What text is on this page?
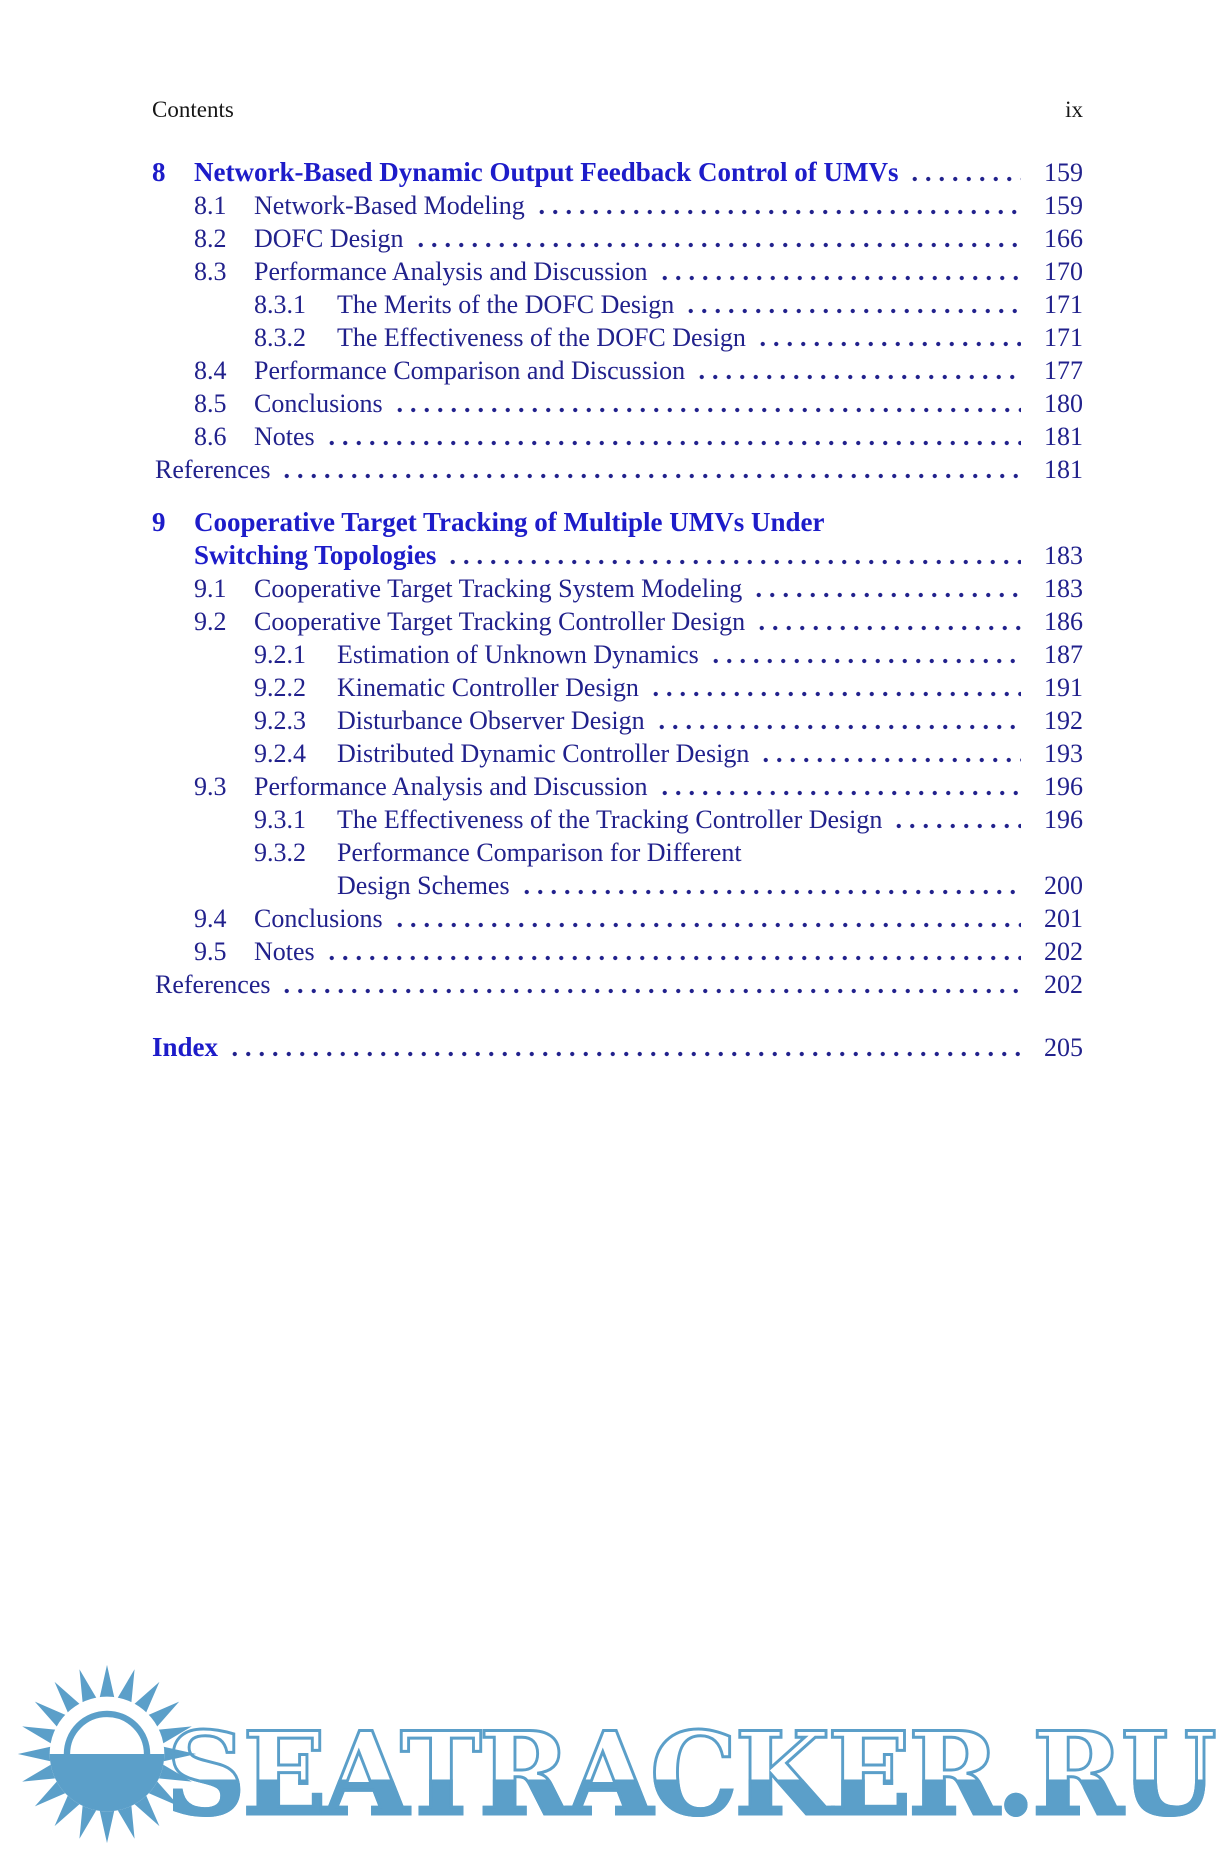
Contents	ix
8	Network-Based Dynamic Output Feedback Control of UMVs	159
8.1	Network-Based Modeling	159
8.2	DOFC Design	166
8.3	Performance Analysis and Discussion	170
8.3.1	The Merits of the DOFC Design	171
8.3.2	The Effectiveness of the DOFC Design	171
8.4	Performance Comparison and Discussion	177
8.5	Conclusions	180
8.6	Notes	181
References	181
9	Cooperative Target Tracking of Multiple UMVs Under
Switching Topologies	183
9.1	Cooperative Target Tracking System Modeling	183
9.2	Cooperative Target Tracking Controller Design	186
9.2.1	Estimation of Unknown Dynamics	187
9.2.2	Kinematic Controller Design	191
9.2.3	Disturbance Observer Design	192
9.2.4	Distributed Dynamic Controller Design	193
9.3	Performance Analysis and Discussion	196
9.3.1	The Effectiveness of the Tracking Controller Design	196
9.3.2	Performance Comparison for Different
Design Schemes	200
9.4	Conclusions	201
9.5	Notes	202
References	202
Index	205
SEATRACKER.RU
